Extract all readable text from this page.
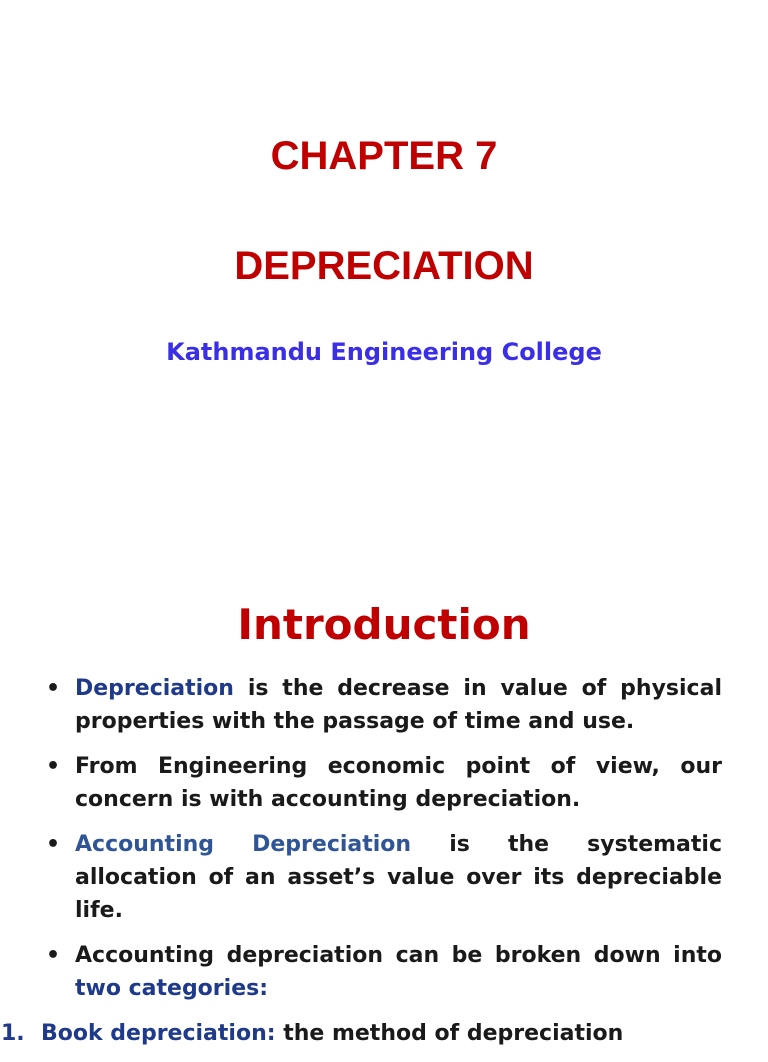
CHAPTER 7
DEPRECIATION
Kathmandu Engineering College
Introduction
• Depreciation is the decrease in value of physical properties with the passage of time and use.
• From Engineering economic point of view, our concern is with accounting depreciation.
• Accounting Depreciation is the systematic allocation of an asset’s value over its depreciable life.
• Accounting depreciation can be broken down into two categories:
1. Book depreciation: the method of depreciation
